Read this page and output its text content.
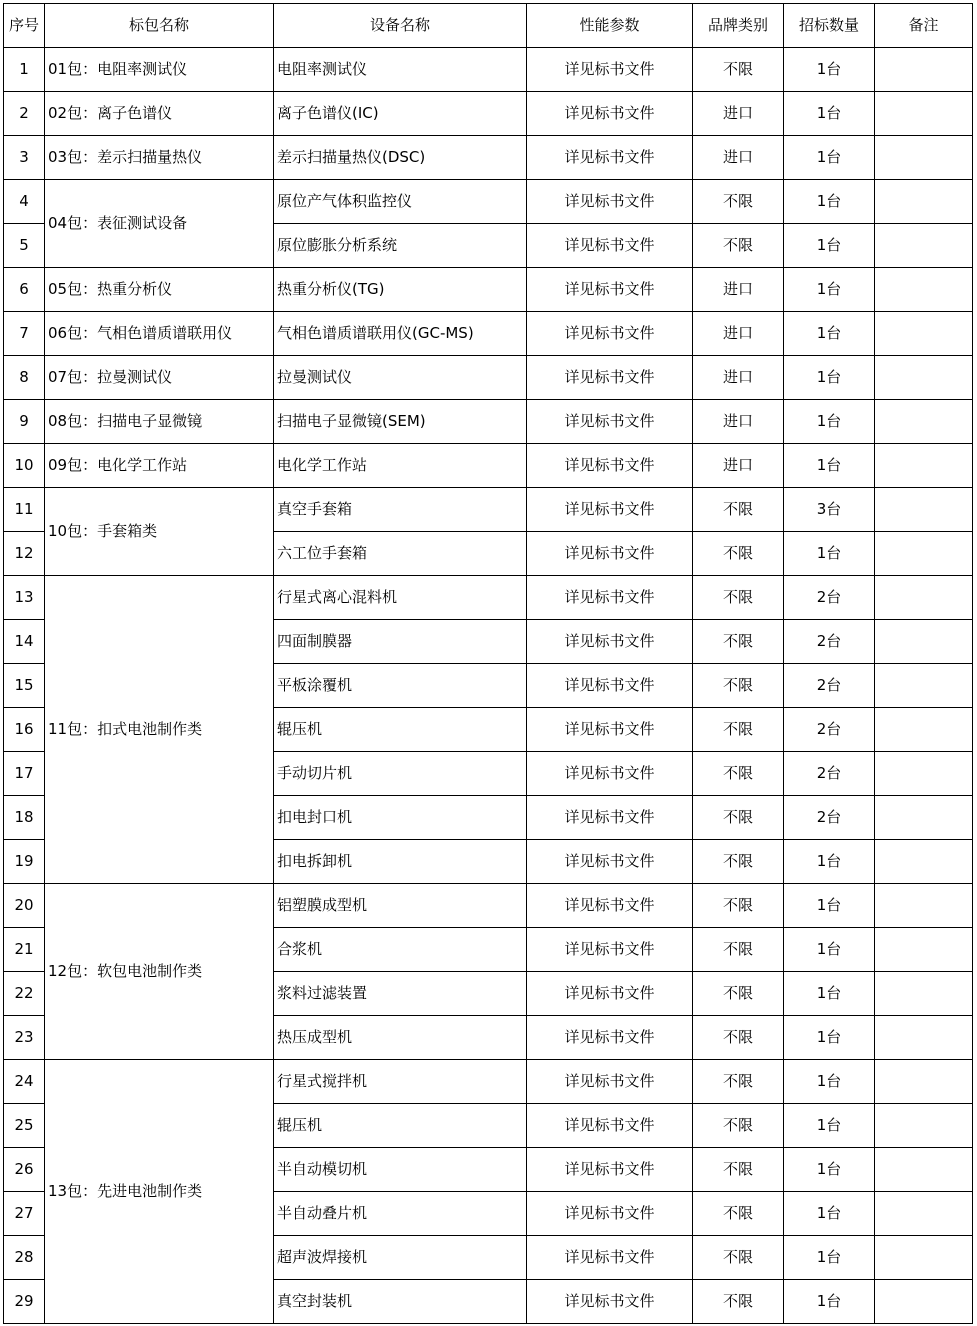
序号	标包名称	设备名称	性能参数	品牌类别	招标数量	备注
1	01包：电阻率测试仪	电阻率测试仪	详见标书文件	不限	1台	
2	02包：离子色谱仪	离子色谱仪(IC)	详见标书文件	进口	1台	
3	03包：差示扫描量热仪	差示扫描量热仪(DSC)	详见标书文件	进口	1台	
4	04包：表征测试设备	原位产气体积监控仪	详见标书文件	不限	1台	
5		原位膨胀分析系统	详见标书文件	不限	1台	
6	05包：热重分析仪	热重分析仪(TG)	详见标书文件	进口	1台	
7	06包：气相色谱质谱联用仪	气相色谱质谱联用仪(GC-MS)	详见标书文件	进口	1台	
8	07包：拉曼测试仪	拉曼测试仪	详见标书文件	进口	1台	
9	08包：扫描电子显微镜	扫描电子显微镜(SEM)	详见标书文件	进口	1台	
10	09包：电化学工作站	电化学工作站	详见标书文件	进口	1台	
11	10包：手套箱类	真空手套箱	详见标书文件	不限	3台	
12		六工位手套箱	详见标书文件	不限	1台	
13	11包：扣式电池制作类	行星式离心混料机	详见标书文件	不限	2台	
14		四面制膜器	详见标书文件	不限	2台	
15		平板涂覆机	详见标书文件	不限	2台	
16		辊压机	详见标书文件	不限	2台	
17		手动切片机	详见标书文件	不限	2台	
18		扣电封口机	详见标书文件	不限	2台	
19		扣电拆卸机	详见标书文件	不限	1台	
20	12包：软包电池制作类	铝塑膜成型机	详见标书文件	不限	1台	
21		合浆机	详见标书文件	不限	1台	
22		浆料过滤装置	详见标书文件	不限	1台	
23		热压成型机	详见标书文件	不限	1台	
24	13包：先进电池制作类	行星式搅拌机	详见标书文件	不限	1台	
25		辊压机	详见标书文件	不限	1台	
26		半自动模切机	详见标书文件	不限	1台	
27		半自动叠片机	详见标书文件	不限	1台	
28		超声波焊接机	详见标书文件	不限	1台	
29		真空封装机	详见标书文件	不限	1台	
